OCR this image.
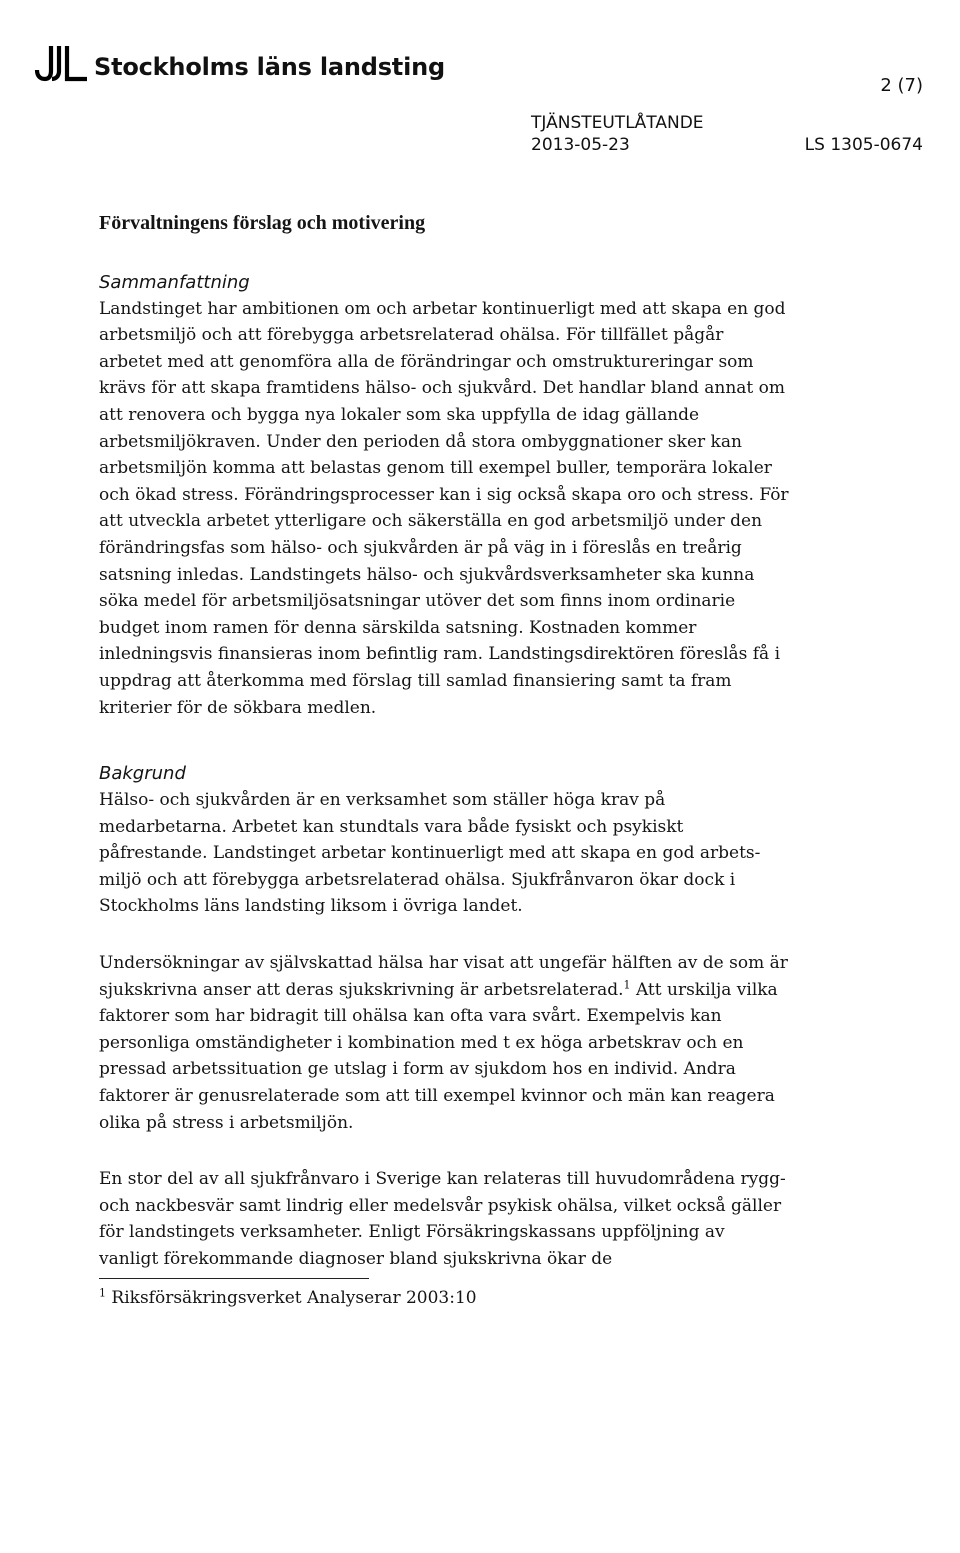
Stockholms läns landsting
2 (7)
TJÄNSTEUTLÅTANDE
2013-05-23	LS 1305-0674
Förvaltningens förslag och motivering
Sammanfattning

Landstinget har ambitionen om och arbetar kontinuerligt med att skapa en god arbetsmiljö och att förebygga arbetsrelaterad ohälsa. För tillfället pågår arbetet med att genomföra alla de förändringar och omstruktureringar som krävs för att skapa framtidens hälso- och sjukvård. Det handlar bland annat om att renovera och bygga nya lokaler som ska uppfylla de idag gällande arbetsmiljökraven. Under den perioden då stora ombyggnationer sker kan arbetsmiljön komma att belastas genom till exempel buller, temporära lokaler och ökad stress. Förändringsprocesser kan i sig också skapa oro och stress. För att utveckla arbetet ytterligare och säkerställa en god arbetsmiljö under den förändringsfas som hälso- och sjukvården är på väg in i föreslås en treårig satsning inledas. Landstingets hälso- och sjukvårdsverksamheter ska kunna söka medel för arbetsmiljösatsningar utöver det som finns inom ordinarie budget inom ramen för denna särskilda satsning. Kostnaden kommer inledningsvis finansieras inom befintlig ram. Landstingsdirektören föreslås få i uppdrag att återkomma med förslag till samlad finansiering samt ta fram kriterier för de sökbara medlen.

Bakgrund

Hälso- och sjukvården är en verksamhet som ställer höga krav på medarbetarna. Arbetet kan stundtals vara både fysiskt och psykiskt påfrestande. Landstinget arbetar kontinuerligt med att skapa en god arbets- miljö och att förebygga arbetsrelaterad ohälsa. Sjukfrånvaron ökar dock i Stockholms läns landsting liksom i övriga landet.

Undersökningar av självskattad hälsa har visat att ungefär hälften av de som är sjukskrivna anser att deras sjukskrivning är arbetsrelaterad.$^1$ Att urskilja vilka faktorer som har bidragit till ohälsa kan ofta vara svårt. Exempelvis kan personliga omständigheter i kombination med t ex höga arbetskrav och en pressad arbetssituation ge utslag i form av sjukdom hos en individ. Andra faktorer är genusrelaterade som att till exempel kvinnor och män kan reagera olika på stress i arbetsmiljön.

En stor del av all sjukfrånvaro i Sverige kan relateras till huvudområdena rygg- och nackbesvär samt lindrig eller medelsvår psykisk ohälsa, vilket också gäller för landstingets verksamheter. Enligt Försäkringskassans uppföljning av vanligt förekommande diagnoser bland sjukskrivna ökar de

$^1$ Riksförsäkringsverket Analyserar 2003:10
